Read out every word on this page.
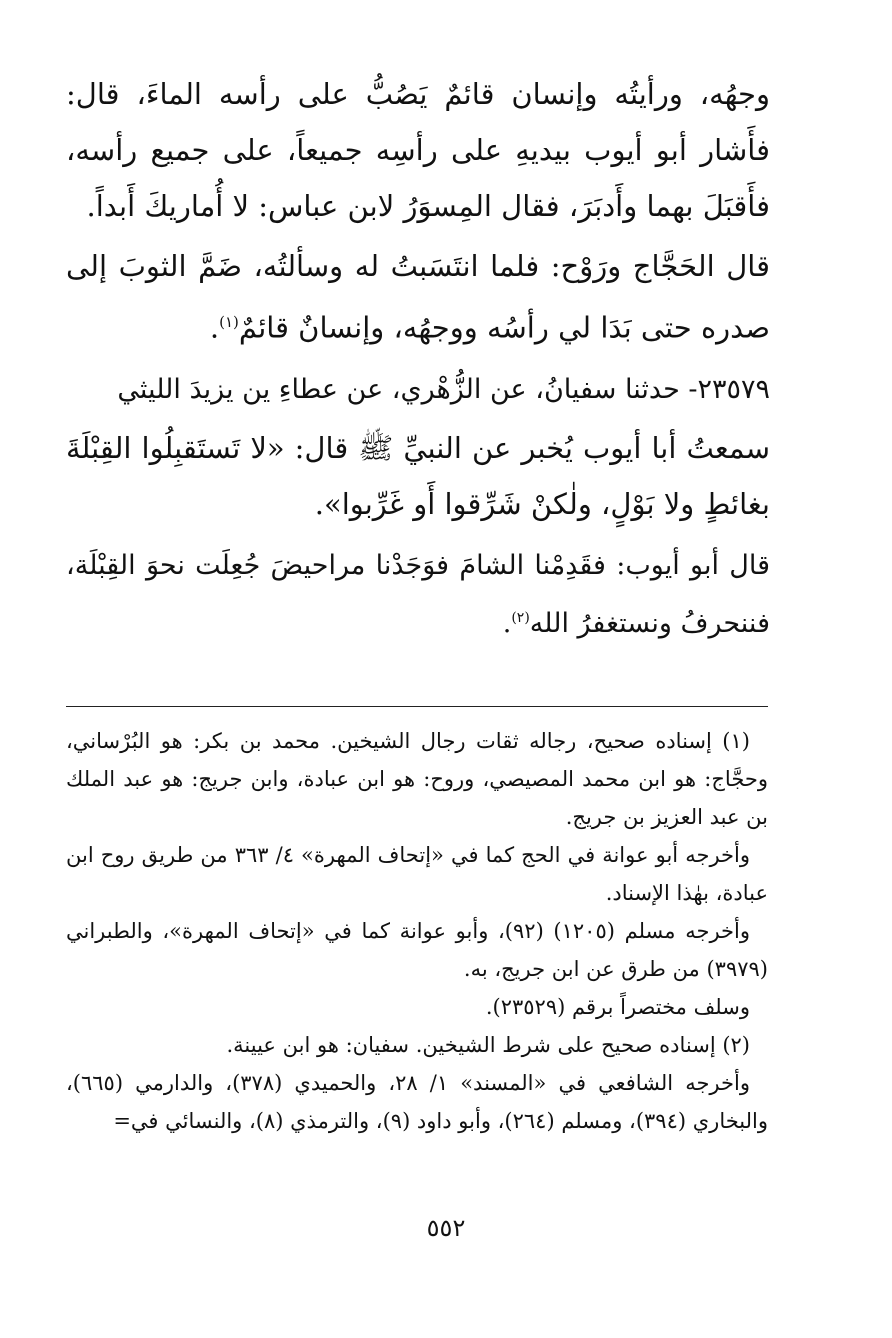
وجهُه، ورأيتُه وإنسان قائمٌ يَصُبُّ على رأسه الماءَ، قال: فأَشار أبو أيوب بيديهِ على رأسِه جميعاً، على جميع رأسه، فأَقبَلَ بهما وأَدبَرَ، فقال المِسوَرُ لابن عباس: لا أُماريكَ أَبداً.

قال الحَجَّاج ورَوْح: فلما انتَسَبتُ له وسألتُه، ضَمَّ الثوبَ إلى صدره حتى بَدَا لي رأسُه ووجهُه، وإنسانٌ قائمٌ$^{(١)}$.

٢٣٥٧٩- حدثنا سفيانُ، عن الزُّهْري، عن عطاءِ ين يزيدَ الليثي

سمعتُ أبا أيوب يُخبر عن النبيِّ ﷺ قال: «لا تَستَقبِلُوا القِبْلَةَ بغائطٍ ولا بَوْلٍ، ولٰكنْ شَرِّقوا أَو غَرِّبوا».

قال أبو أيوب: فقَدِمْنا الشامَ فوَجَدْنا مراحيضَ جُعِلَت نحوَ القِبْلَة، فننحرفُ ونستغفرُ الله$^{(٢)}$.

(١) إسناده صحيح، رجاله ثقات رجال الشيخين. محمد بن بكر: هو البُرْساني، وحجَّاج: هو ابن محمد المصيصي، وروح: هو ابن عبادة، وابن جريج: هو عبد الملك بن عبد العزيز بن جريج.

وأخرجه أبو عوانة في الحج كما في «إتحاف المهرة» ٤/ ٣٦٣ من طريق روح ابن عبادة، بهٰذا الإسناد.

وأخرجه مسلم (١٢٠٥) (٩٢)، وأبو عوانة كما في «إتحاف المهرة»، والطبراني (٣٩٧٩) من طرق عن ابن جريج، به.

وسلف مختصراً برقم (٢٣٥٢٩).

(٢) إسناده صحيح على شرط الشيخين. سفيان: هو ابن عيينة.

وأخرجه الشافعي في «المسند» ١/ ٢٨، والحميدي (٣٧٨)، والدارمي (٦٦٥)، والبخاري (٣٩٤)، ومسلم (٢٦٤)، وأبو داود (٩)، والترمذي (٨)، والنسائي في=

٥٥٢
